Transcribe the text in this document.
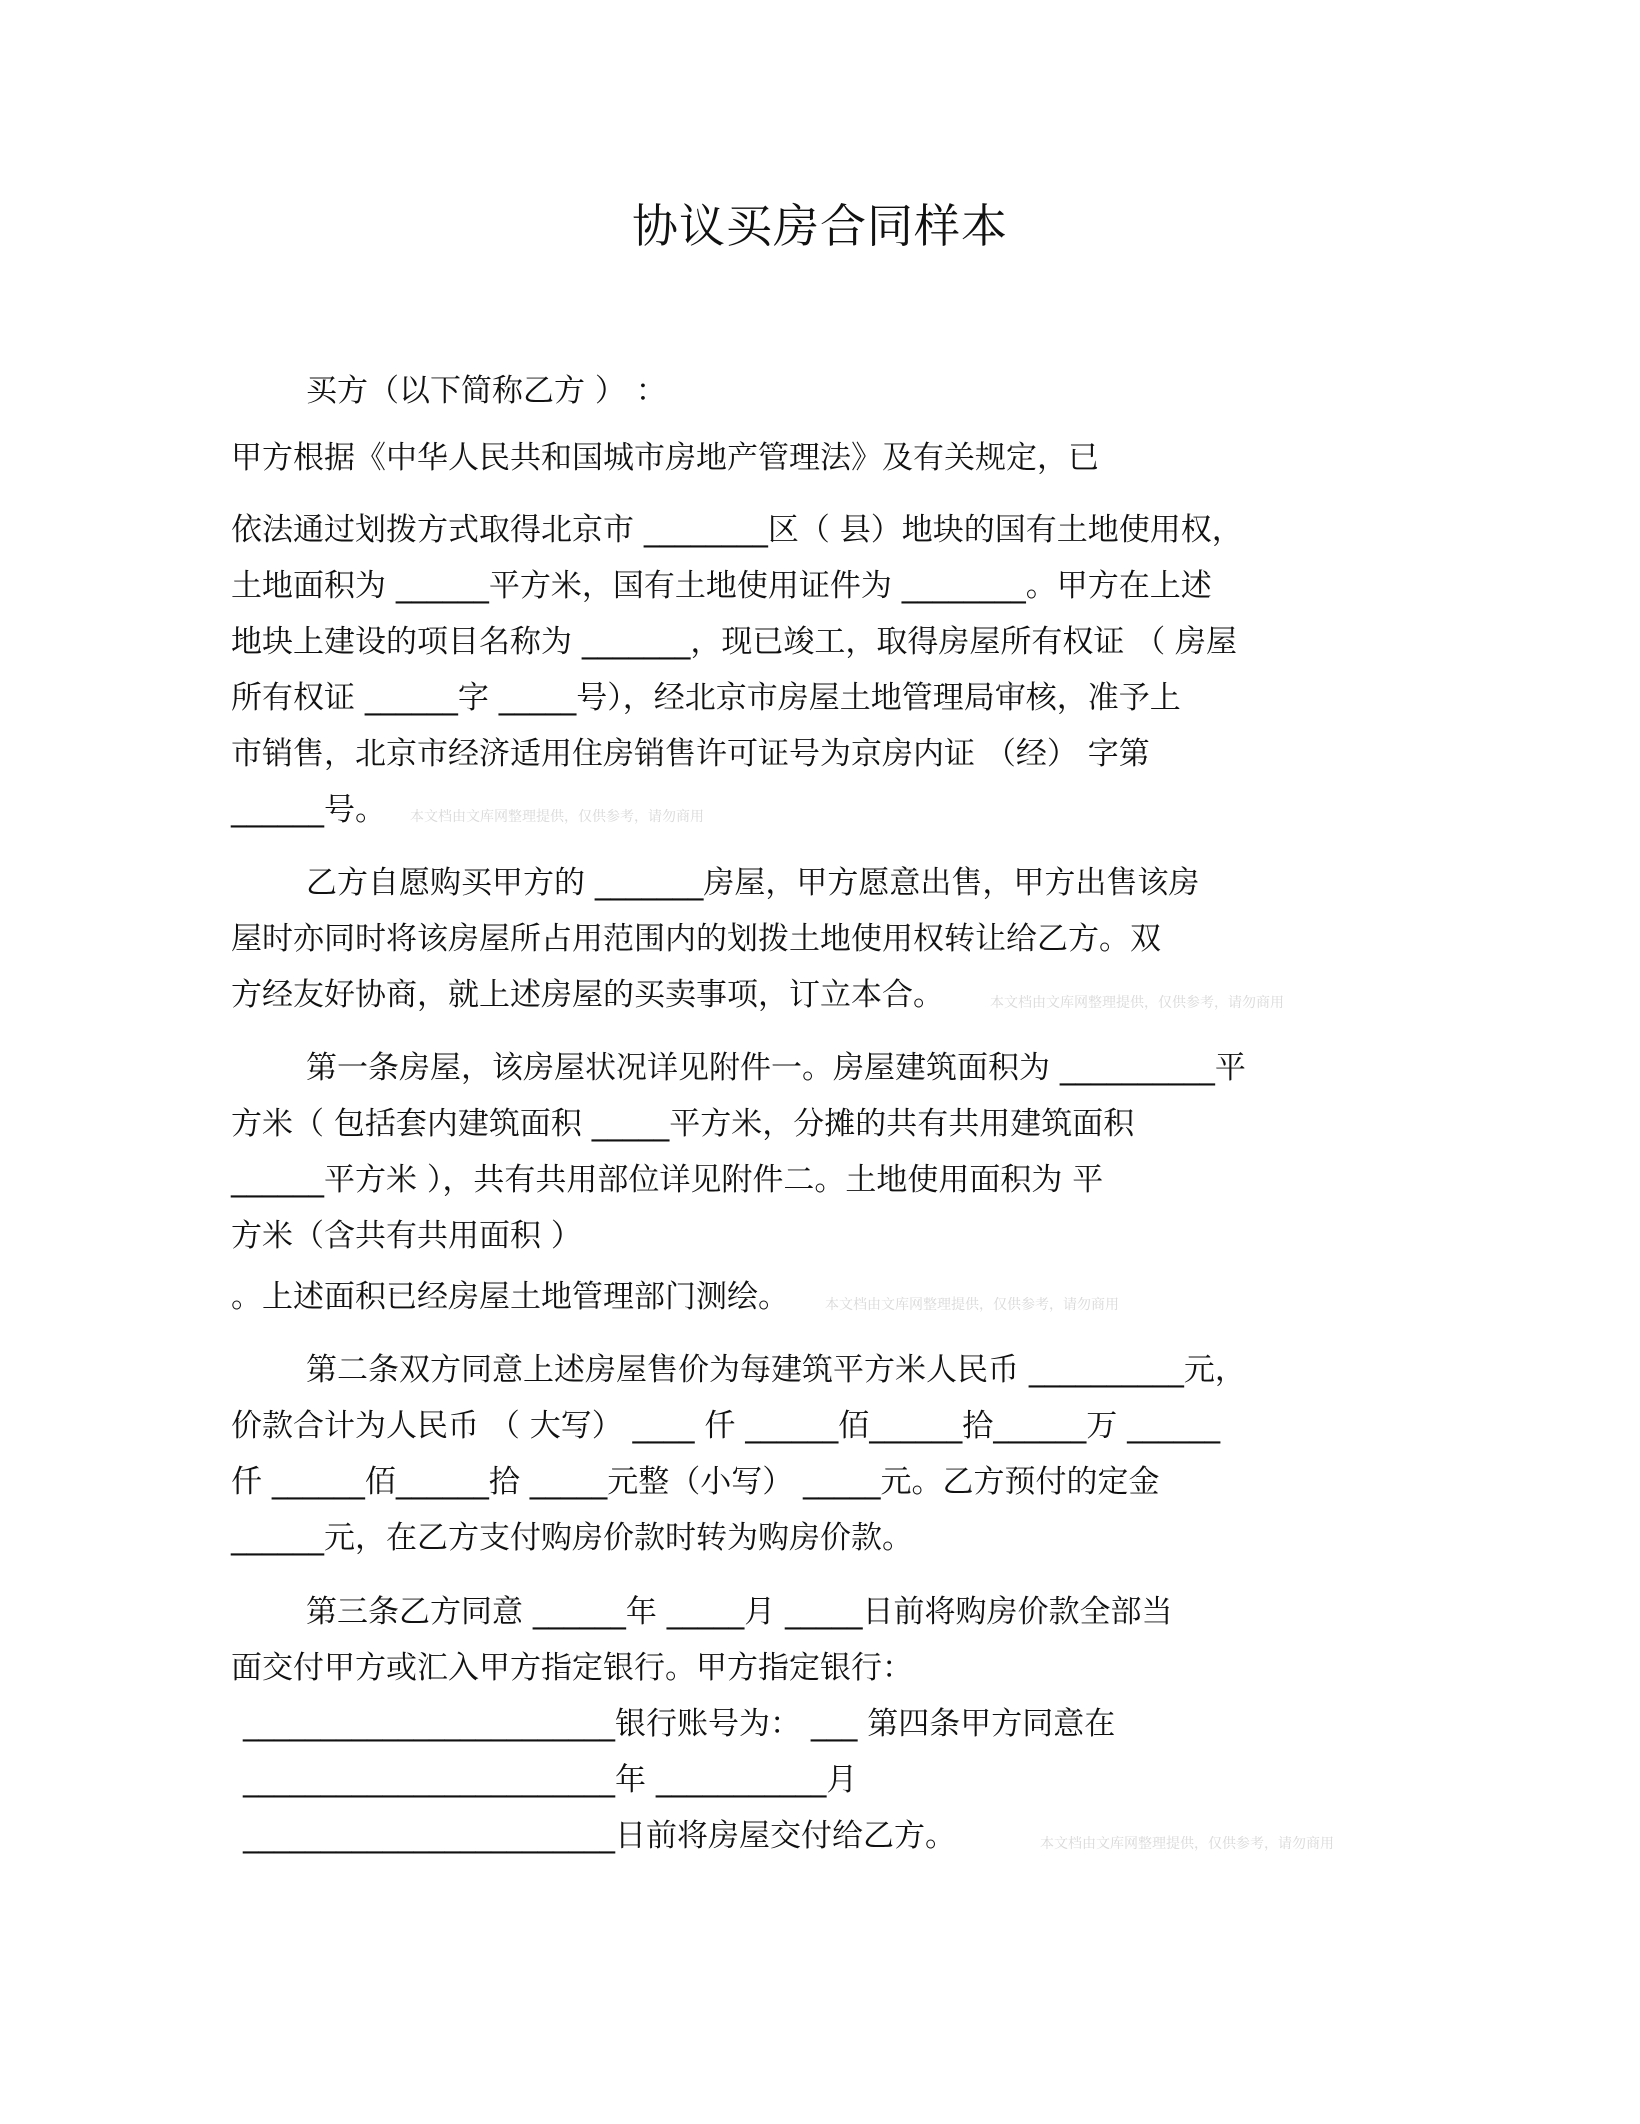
协议买房合同样本
买方（以下简称乙方 ） ：
甲方根据《中华人民共和国城市房地产管理法》及有关规定，已
依法通过划拨方式取得北京市 ________区（ 县）地块的国有土地使用权，
土地面积为 ______平方米，国有土地使用证件为 ________。甲方在上述
地块上建设的项目名称为 _______，现已竣工，取得房屋所有权证 （ 房屋
所有权证 ______字 _____号），经北京市房屋土地管理局审核，准予上
市销售，北京市经济适用住房销售许可证号为京房内证 （经） 字第
______号。 本文档由文库网整理提供，仅供参考，请勿商用
乙方自愿购买甲方的 _______房屋，甲方愿意出售，甲方出售该房
屋时亦同时将该房屋所占用范围内的划拨土地使用权转让给乙方。双
方经友好协商，就上述房屋的买卖事项，订立本合。	本文档由文库网整理提供，仅供参考，请勿商用
第一条房屋，该房屋状况详见附件一。房屋建筑面积为 __________平
方米（ 包括套内建筑面积 _____平方米，分摊的共有共用建筑面积
______平方米 ），共有共用部位详见附件二。土地使用面积为 平
方米（含共有共用面积 ）
。上述面积已经房屋土地管理部门测绘。	本文档由文库网整理提供，仅供参考，请勿商用
第二条双方同意上述房屋售价为每建筑平方米人民币 __________元，
价款合计为人民币 （ 大写） ____ 仟 ______佰______拾______万 ______
仟 ______佰______拾 _____元整（小写） _____元。乙方预付的定金
______元，在乙方支付购房价款时转为购房价款。
第三条乙方同意 ______年 _____月 _____日前将购房价款全部当
面交付甲方或汇入甲方指定银行。甲方指定银行：
________________________银行账号为： ___ 第四条甲方同意在
________________________年 ___________月
________________________日前将房屋交付给乙方。	本文档由文库网整理提供，仅供参考，请勿商用
